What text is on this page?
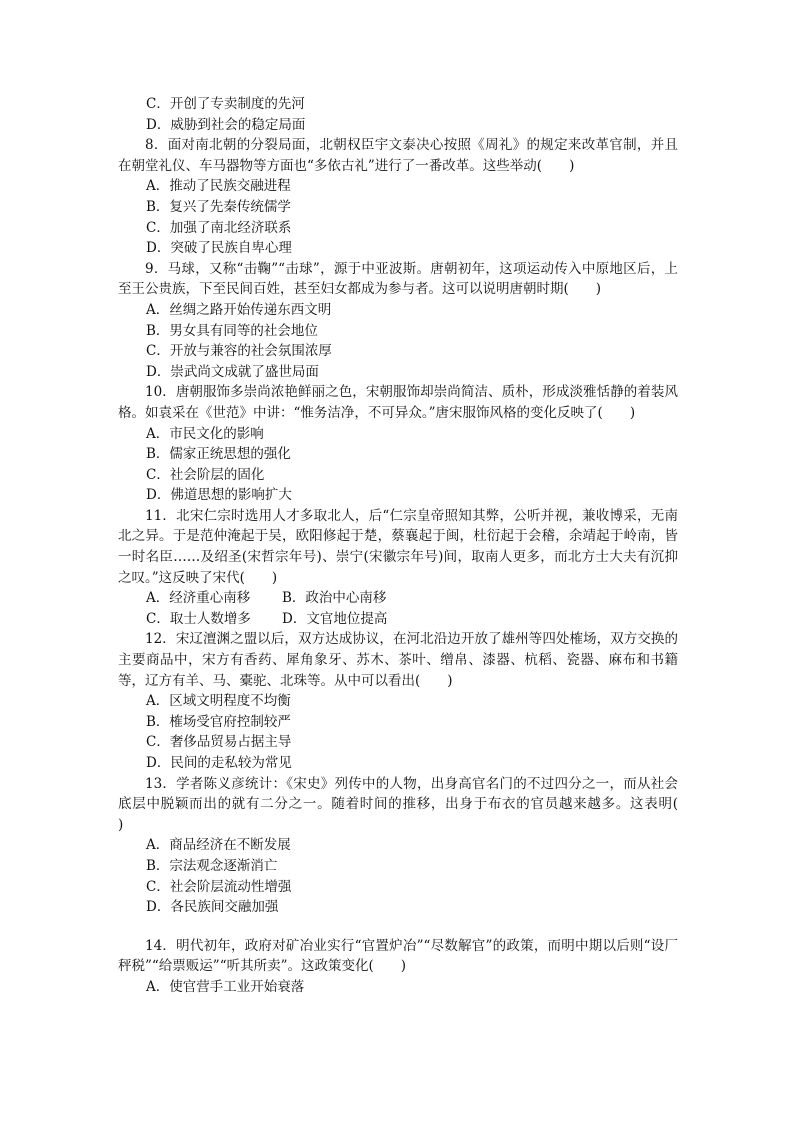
C．开创了专卖制度的先河

D．威胁到社会的稳定局面

8．面对南北朝的分裂局面，北朝权臣宇文泰决心按照《周礼》的规定来改革官制，并且在朝堂礼仪、车马器物等方面也“多依古礼”进行了一番改革。这些举动(　　)

A．推动了民族交融进程

B．复兴了先秦传统儒学

C．加强了南北经济联系

D．突破了民族自卑心理

9．马球，又称“击鞠”“击球”，源于中亚波斯。唐朝初年，这项运动传入中原地区后，上至王公贵族，下至民间百姓，甚至妇女都成为参与者。这可以说明唐朝时期(　　)

A．丝绸之路开始传递东西文明

B．男女具有同等的社会地位

C．开放与兼容的社会氛围浓厚

D．崇武尚文成就了盛世局面

10．唐朝服饰多崇尚浓艳鲜丽之色，宋朝服饰却崇尚简洁、质朴，形成淡雅恬静的着装风格。如袁采在《世范》中讲：“惟务洁净，不可异众。”唐宋服饰风格的变化反映了(　　)

A．市民文化的影响

B．儒家正统思想的强化

C．社会阶层的固化

D．佛道思想的影响扩大

11．北宋仁宗时选用人才多取北人，后“仁宗皇帝照知其弊，公听并视，兼收博采，无南北之异。于是范仲淹起于吴，欧阳修起于楚，蔡襄起于闽，杜衍起于会稽，余靖起于岭南，皆一时名臣……及绍圣(宋哲宗年号)、崇宁(宋徽宗年号)间，取南人更多，而北方士大夫有沉抑之叹。”这反映了宋代(　　)

A．经济重心南移 B．政治中心南移

C．取士人数增多 D．文官地位提高

12．宋辽澶渊之盟以后，双方达成协议，在河北沿边开放了雄州等四处榷场，双方交换的主要商品中，宋方有香药、犀角象牙、苏木、茶叶、缯帛、漆器、杭稻、瓷器、麻布和书籍等，辽方有羊、马、橐驼、北珠等。从中可以看出(　　)

A．区域文明程度不均衡

B．榷场受官府控制较严

C．奢侈品贸易占据主导

D．民间的走私较为常见

13．学者陈义彦统计：《宋史》列传中的人物，出身高官名门的不过四分之一，而从社会底层中脱颖而出的就有二分之一。随着时间的推移，出身于布衣的官员越来越多。这表明(　　)

A．商品经济在不断发展

B．宗法观念逐渐消亡

C．社会阶层流动性增强

D．各民族间交融加强

14．明代初年，政府对矿冶业实行“官置炉冶”“尽数解官”的政策，而明中期以后则“设厂秤税”“给票贩运”“听其所卖”。这政策变化(　　)

A．使官营手工业开始衰落
